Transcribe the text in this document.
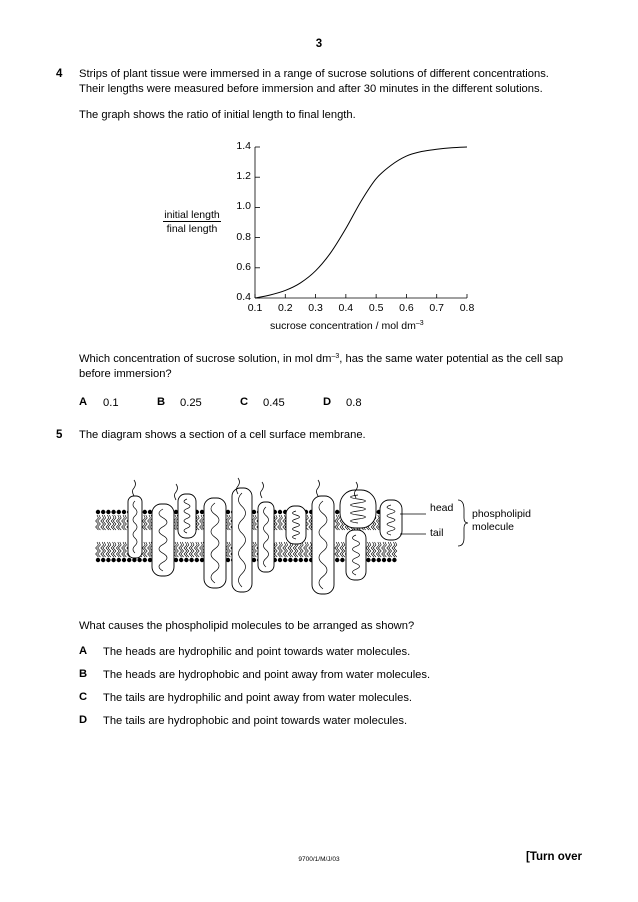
3
4 Strips of plant tissue were immersed in a range of sucrose solutions of different concentrations.
Their lengths were measured before immersion and after 30 minutes in the different solutions.
The graph shows the ratio of initial length to final length.
0.1	0.2	0.3	0.4	0.5	0.6	0.7	0.8
0.4
0.6
0.8
1.0
1.2
1.4
initial length
final length
sucrose concentration / mol $dm^{-3}$
Which concentration of sucrose solution, in mol $dm^{-3}$, has the same water potential as the cell sap
before immersion?
A 0.1	B 0.25	C 0.45	D 0.8
5 The diagram shows a section of a cell surface membrane.
head
tail
phospholipid
molecule
What causes the phospholipid molecules to be arranged as shown?
A The heads are hydrophilic and point towards water molecules.
B The heads are hydrophobic and point away from water molecules.
C The tails are hydrophilic and point away from water molecules.
D The tails are hydrophobic and point towards water molecules.
9700/1/M/J/03	[Turn over
